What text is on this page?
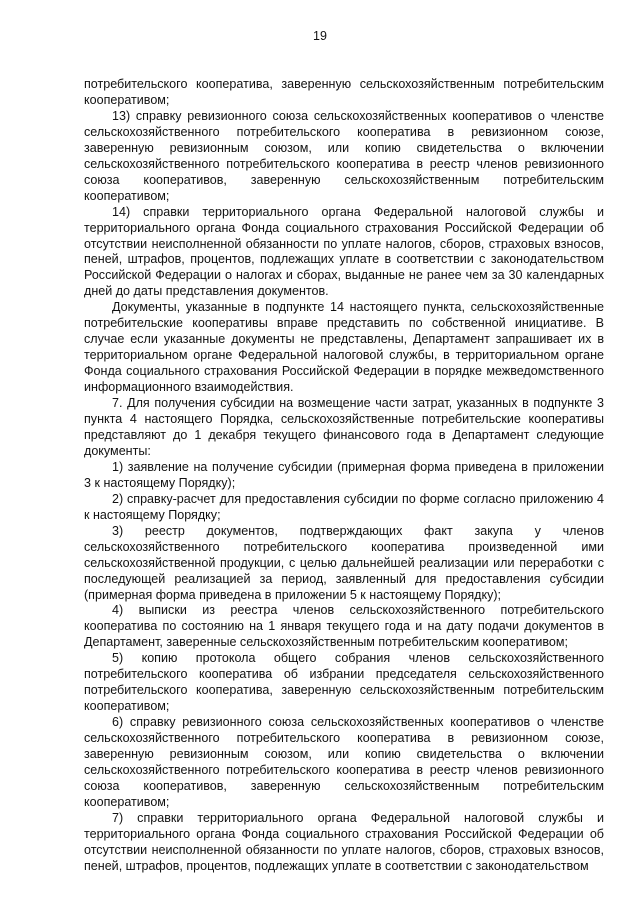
19

потребительского кооператива, заверенную сельскохозяйственным потребительским кооперативом;

13) справку ревизионного союза сельскохозяйственных кооперативов о членстве сельскохозяйственного потребительского кооператива в ревизионном союзе, заверенную ревизионным союзом, или копию свидетельства о включении сельскохозяйственного потребительского кооператива в реестр членов ревизионного союза кооперативов, заверенную сельскохозяйственным потребительским кооперативом;

14) справки территориального органа Федеральной налоговой службы и территориального органа Фонда социального страхования Российской Федерации об отсутствии неисполненной обязанности по уплате налогов, сборов, страховых взносов, пеней, штрафов, процентов, подлежащих уплате в соответствии с законодательством Российской Федерации о налогах и сборах, выданные не ранее чем за 30 календарных дней до даты представления документов.

Документы, указанные в подпункте 14 настоящего пункта, сельскохозяйственные потребительские кооперативы вправе представить по собственной инициативе. В случае если указанные документы не представлены, Департамент запрашивает их в территориальном органе Федеральной налоговой службы, в территориальном органе Фонда социального страхования Российской Федерации в порядке межведомственного информационного взаимодействия.

7. Для получения субсидии на возмещение части затрат, указанных в подпункте 3 пункта 4 настоящего Порядка, сельскохозяйственные потребительские кооперативы представляют до 1 декабря текущего финансового года в Департамент следующие документы:

1) заявление на получение субсидии (примерная форма приведена в приложении 3 к настоящему Порядку);

2) справку-расчет для предоставления субсидии по форме согласно приложению 4 к настоящему Порядку;

3) реестр документов, подтверждающих факт закупа у членов сельскохозяйственного потребительского кооператива произведенной ими сельскохозяйственной продукции, с целью дальнейшей реализации или переработки с последующей реализацией за период, заявленный для предоставления субсидии (примерная форма приведена в приложении 5 к настоящему Порядку);

4) выписки из реестра членов сельскохозяйственного потребительского кооператива по состоянию на 1 января текущего года и на дату подачи документов в Департамент, заверенные сельскохозяйственным потребительским кооперативом;

5) копию протокола общего собрания членов сельскохозяйственного потребительского кооператива об избрании председателя сельскохозяйственного потребительского кооператива, заверенную сельскохозяйственным потребительским кооперативом;

6) справку ревизионного союза сельскохозяйственных кооперативов о членстве сельскохозяйственного потребительского кооператива в ревизионном союзе, заверенную ревизионным союзом, или копию свидетельства о включении сельскохозяйственного потребительского кооператива в реестр членов ревизионного союза кооперативов, заверенную сельскохозяйственным потребительским кооперативом;

7) справки территориального органа Федеральной налоговой службы и территориального органа Фонда социального страхования Российской Федерации об отсутствии неисполненной обязанности по уплате налогов, сборов, страховых взносов, пеней, штрафов, процентов, подлежащих уплате в соответствии с законодательством
